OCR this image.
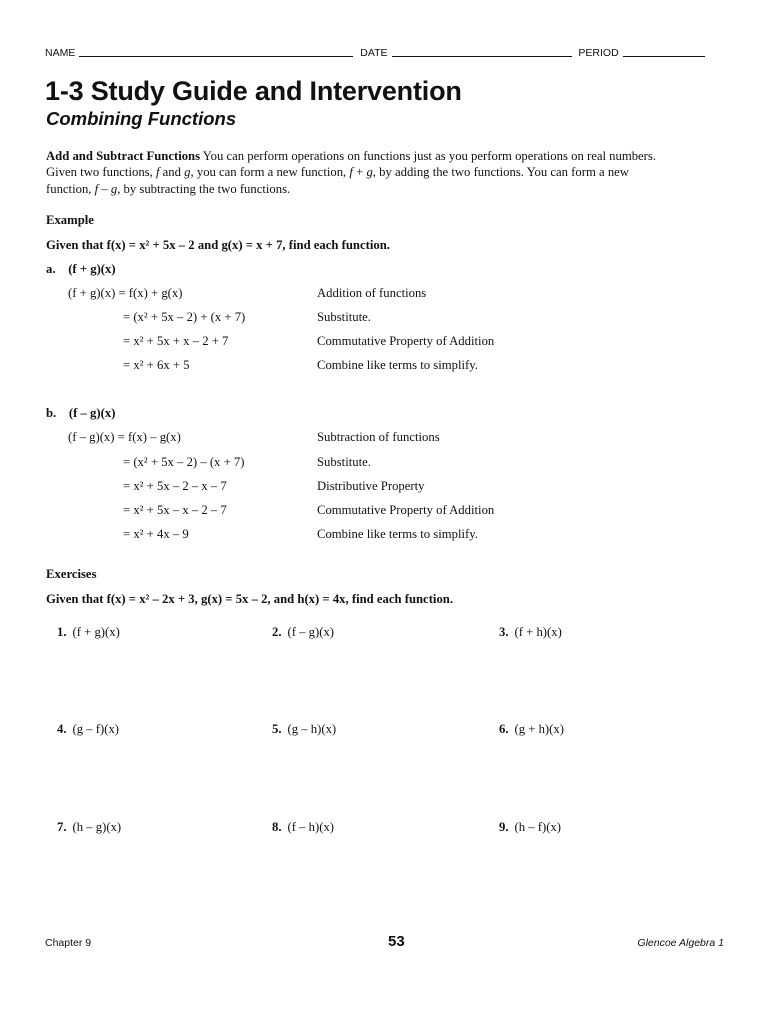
NAME	DATE	PERIOD
1-3 Study Guide and Intervention
Combining Functions
Add and Subtract Functions You can perform operations on functions just as you perform operations on real numbers.
Given two functions, f and g, you can form a new function, f + g, by adding the two functions. You can form a new
function, f – g, by subtracting the two functions.
Example
Given that f(x) = x² + 5x – 2 and g(x) = x + 7, find each function.
a. (f + g)(x)
(f + g)(x) = f(x) + g(x)	Addition of functions
= (x² + 5x – 2) + (x + 7)	Substitute.
= x² + 5x + x – 2 + 7	Commutative Property of Addition
= x² + 6x + 5	Combine like terms to simplify.
b. (f – g)(x)
(f – g)(x) = f(x) – g(x)	Subtraction of functions
= (x² + 5x – 2) – (x + 7)	Substitute.
= x² + 5x – 2 – x – 7	Distributive Property
= x² + 5x – x – 2 – 7	Commutative Property of Addition
= x² + 4x – 9	Combine like terms to simplify.
Exercises
Given that f(x) = x² – 2x + 3, g(x) = 5x – 2, and h(x) = 4x, find each function.
1. (f + g)(x)	2. (f – g)(x)	3. (f + h)(x)
4. (g – f)(x)	5. (g – h)(x)	6. (g + h)(x)
7. (h – g)(x)	8. (f – h)(x)	9. (h – f)(x)
Chapter 9	53	Glencoe Algebra 1
